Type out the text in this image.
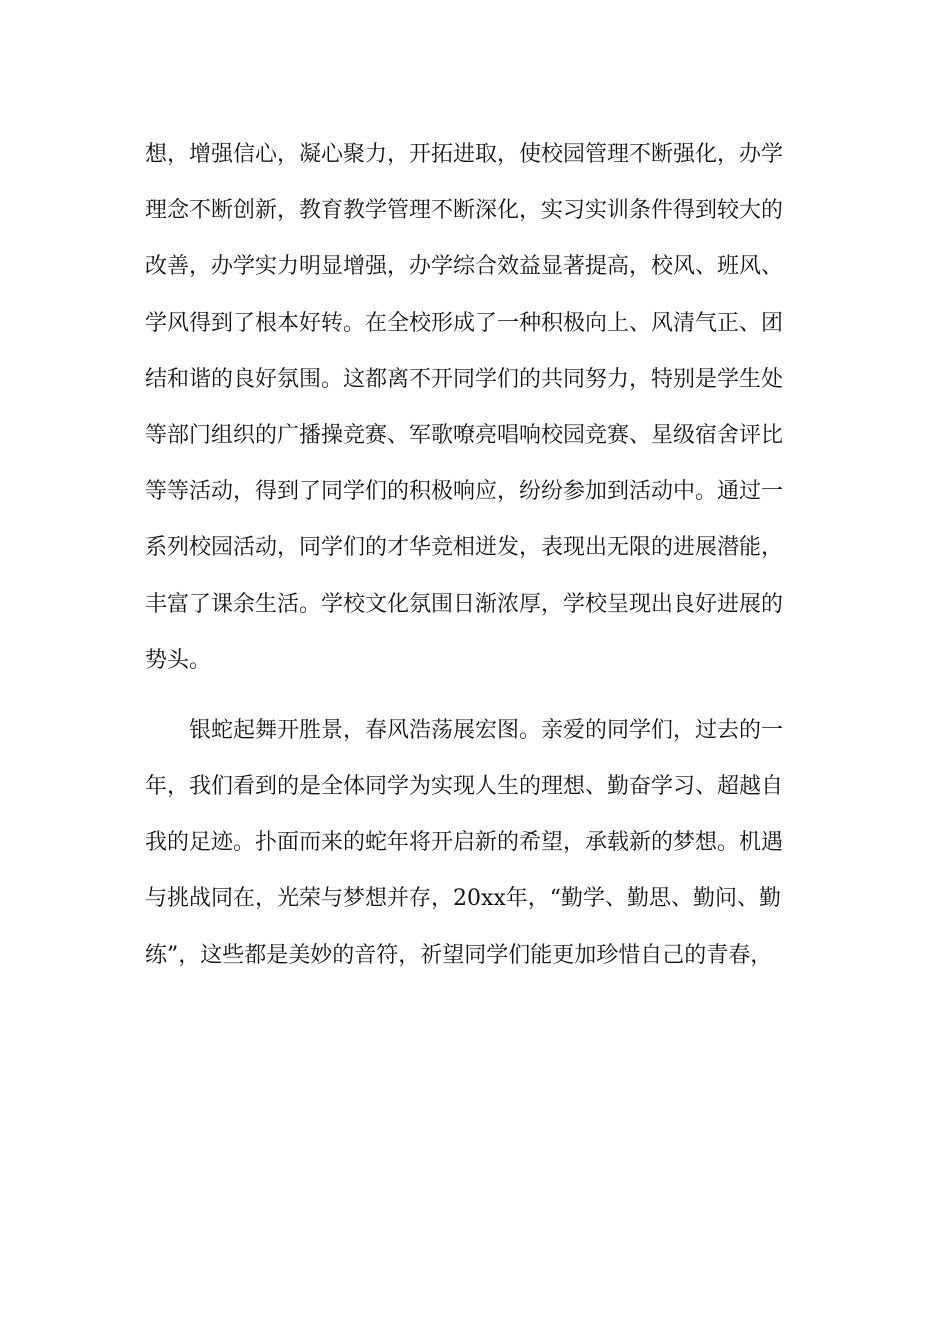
想，增强信心，凝心聚力，开拓进取，使校园管理不断强化，办学
理念不断创新，教育教学管理不断深化，实习实训条件得到较大的
改善，办学实力明显增强，办学综合效益显著提高，校风、班风、
学风得到了根本好转。在全校形成了一种积极向上、风清气正、团
结和谐的良好氛围。这都离不开同学们的共同努力，特别是学生处
等部门组织的广播操竞赛、军歌嘹亮唱响校园竞赛、星级宿舍评比
等等活动，得到了同学们的积极响应，纷纷参加到活动中。通过一
系列校园活动，同学们的才华竞相迸发，表现出无限的进展潜能，
丰富了课余生活。学校文化氛围日渐浓厚，学校呈现出良好进展的
势头。
　　银蛇起舞开胜景，春风浩荡展宏图。亲爱的同学们，过去的一
年，我们看到的是全体同学为实现人生的理想、勤奋学习、超越自
我的足迹。扑面而来的蛇年将开启新的希望，承载新的梦想。机遇
与挑战同在，光荣与梦想并存，20xx年，“勤学、勤思、勤问、勤
练”，这些都是美妙的音符，祈望同学们能更加珍惜自己的青春，
